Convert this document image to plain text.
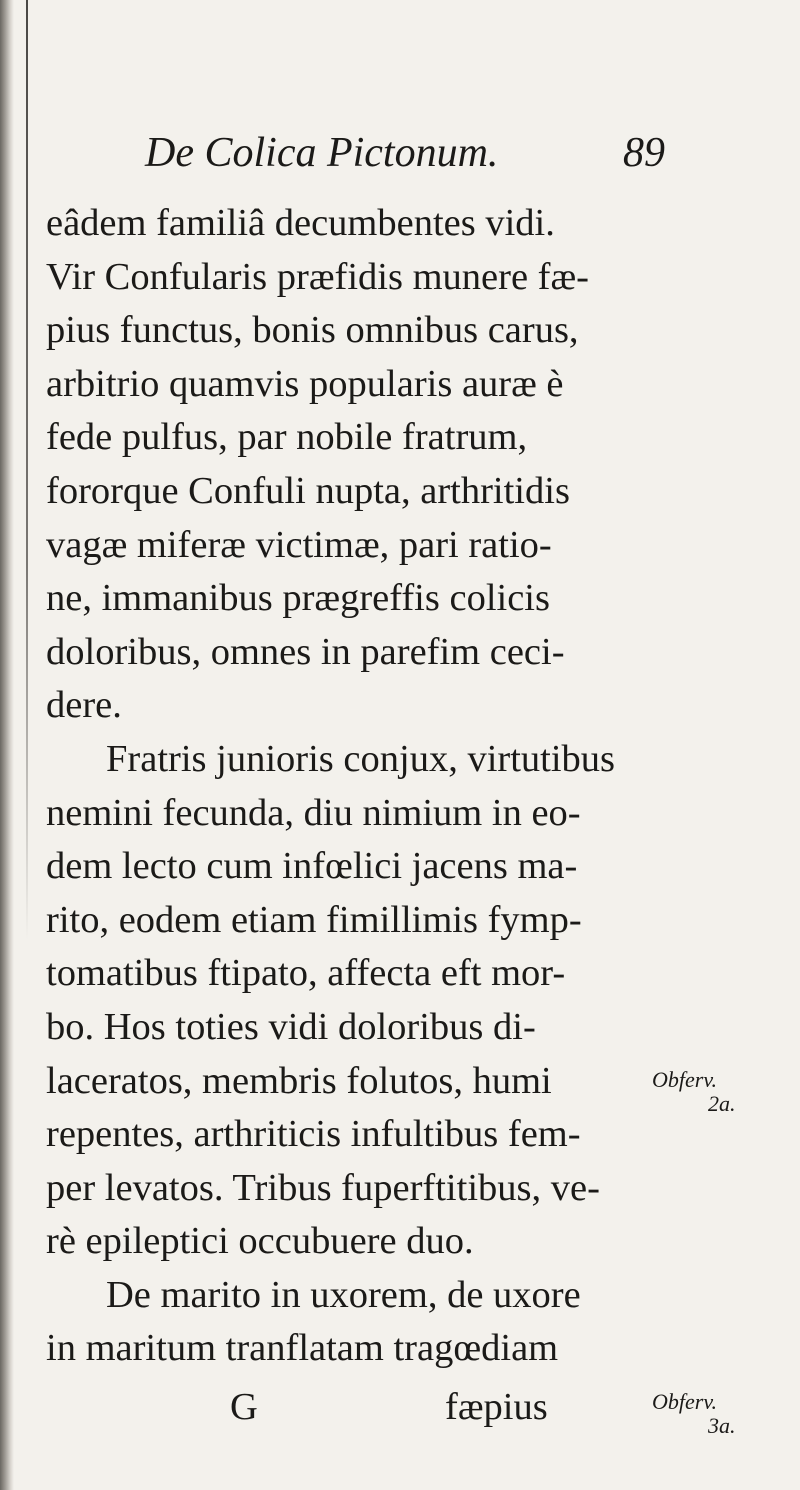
De Colica Pictonum.	89
eâdem familiâ decumbentes vidi.
Vir Confularis præfidis munere fæ-
pius functus, bonis omnibus carus,
arbitrio quamvis popularis auræ è
fede pulfus, par nobile fratrum,
fororque Confuli nupta, arthritidis
vagæ miferæ victimæ, pari ratio-
ne, immanibus prægreffis colicis
doloribus, omnes in parefim ceci-
dere.
Fratris junioris conjux, virtutibus
nemini fecunda, diu nimium in eo-
dem lecto cum infœlici jacens ma-
rito, eodem etiam fimillimis fymp-
tomatibus ftipato, affecta eft mor-
bo. Hos toties vidi doloribus di-
laceratos, membris folutos, humi
repentes, arthriticis infultibus fem-
per levatos. Tribus fuperftitibus, ve-
rè epileptici occubuere duo.
De marito in uxorem, de uxore
in maritum tranflatam tragœdiam
Obferv.
2a.
Obferv.
3a.
G	fæpius
